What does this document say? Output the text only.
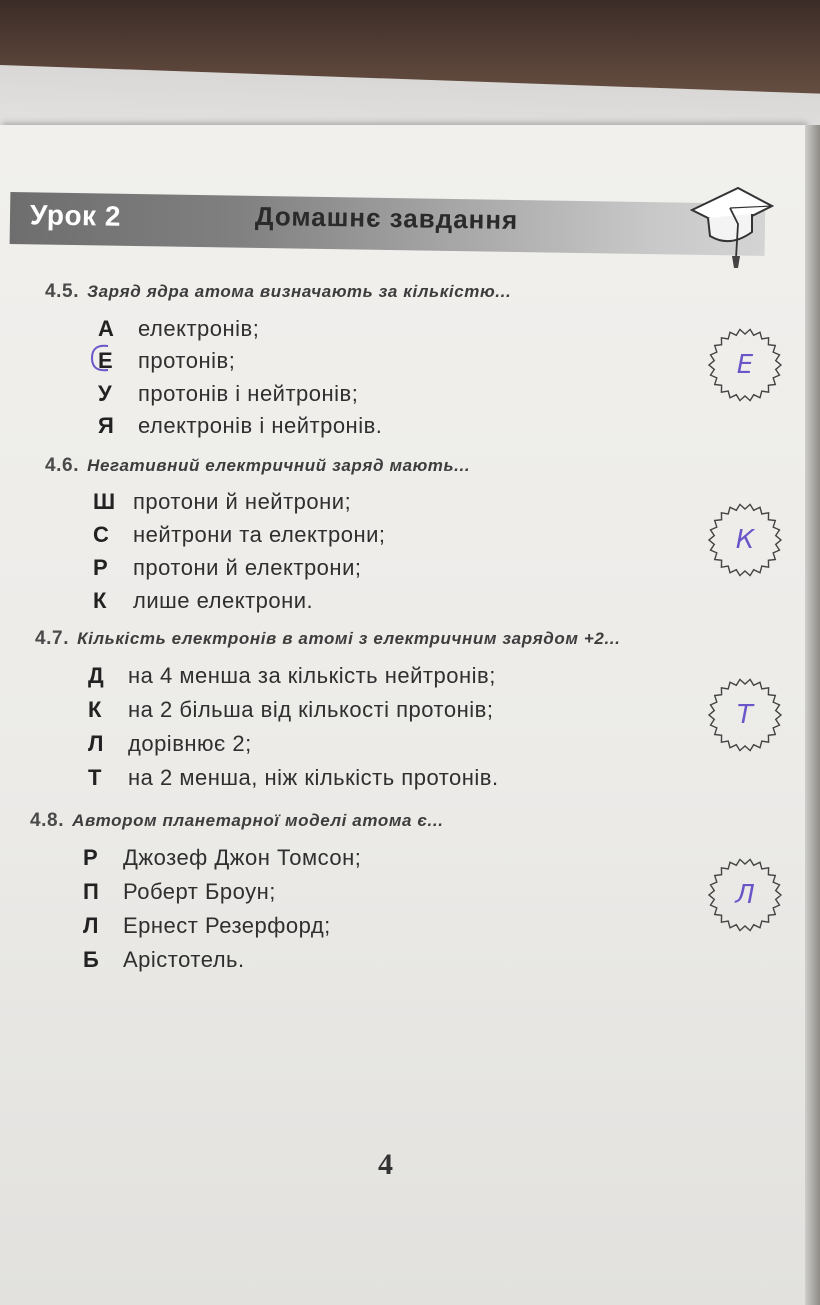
Урок 2	Домашнє завдання
4.5. Заряд ядра атома визначають за кількістю...
А електронів;
Е протонів;
У протонів і нейтронів;
Я електронів і нейтронів.
4.6. Негативний електричний заряд мають...
Ш протони й нейтрони;
С нейтрони та електрони;
Р протони й електрони;
К лише електрони.
4.7. Кількість електронів в атомі з електричним зарядом +2...
Д на 4 менша за кількість нейтронів;
К на 2 більша від кількості протонів;
Л дорівнює 2;
Т на 2 менша, ніж кількість протонів.
4.8. Автором планетарної моделі атома є...
Р Джозеф Джон Томсон;
П Роберт Броун;
Л Ернест Резерфорд;
Б Арістотель.
Е
К
Т
Л
4
